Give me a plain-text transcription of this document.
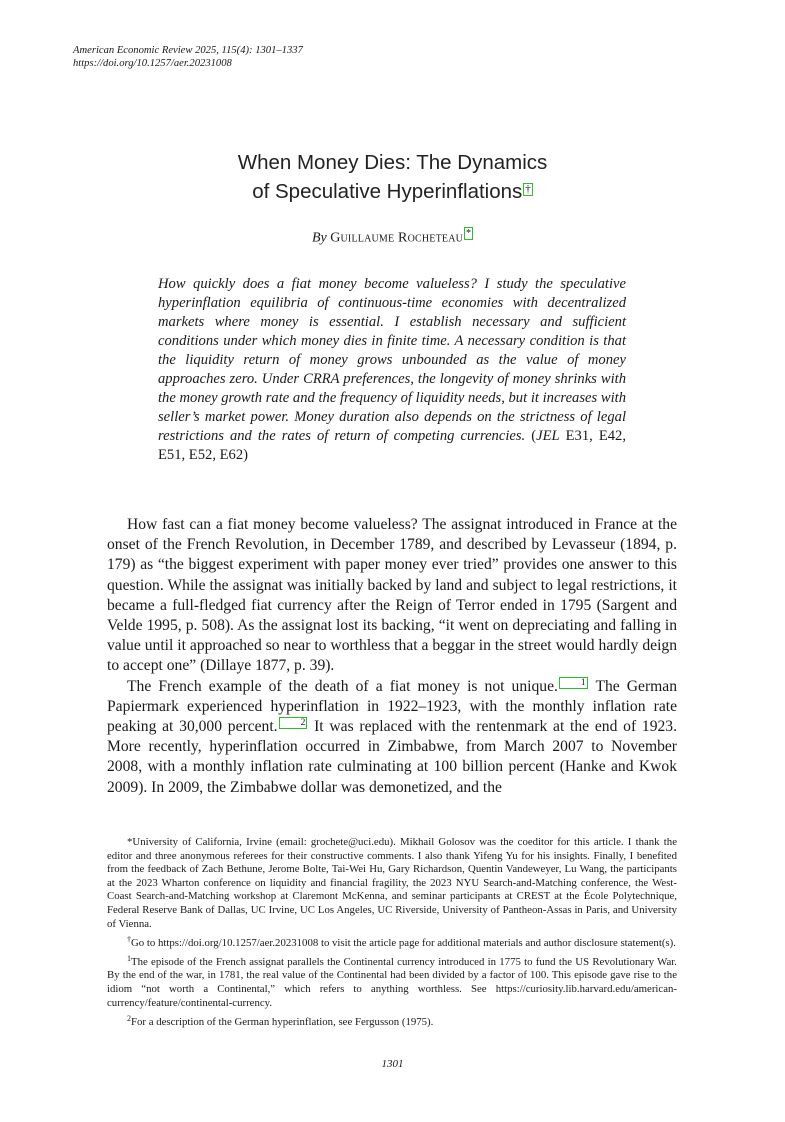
American Economic Review 2025, 115(4): 1301–1337
https://doi.org/10.1257/aer.20231008
When Money Dies: The Dynamics
of Speculative Hyperinflations †
By Guillaume Rocheteau *
How quickly does a fiat money become valueless? I study the speculative hyperinflation equilibria of continuous-time economies with decentralized markets where money is essential. I establish necessary and sufficient conditions under which money dies in finite time. A necessary condition is that the liquidity return of money grows unbounded as the value of money approaches zero. Under CRRA preferences, the longevity of money shrinks with the money growth rate and the frequency of liquidity needs, but it increases with seller’s market power. Money duration also depends on the strictness of legal restrictions and the rates of return of competing currencies. (JEL E31, E42, E51, E52, E62)

How fast can a fiat money become valueless? The assignat introduced in France at the onset of the French Revolution, in December 1789, and described by Levasseur (1894, p. 179) as “the biggest experiment with paper money ever tried” provides one answer to this question. While the assignat was initially backed by land and subject to legal restrictions, it became a full-fledged fiat currency after the Reign of Terror ended in 1795 (Sargent and Velde 1995, p. 508). As the assignat lost its backing, “it went on depreciating and falling in value until it approached so near to worthless that a beggar in the street would hardly deign to accept one” (Dillaye 1877, p. 39).

The French example of the death of a fiat money is not unique. 1 The German Papiermark experienced hyperinflation in 1922–1923, with the monthly inflation rate peaking at 30,000 percent. 2 It was replaced with the rentenmark at the end of 1923. More recently, hyperinflation occurred in Zimbabwe, from March 2007 to November 2008, with a monthly inflation rate culminating at 100 billion percent (Hanke and Kwok 2009). In 2009, the Zimbabwe dollar was demonetized, and the

*University of California, Irvine (email: grochete@uci.edu). Mikhail Golosov was the coeditor for this article. I thank the editor and three anonymous referees for their constructive comments. I also thank Yifeng Yu for his insights. Finally, I benefited from the feedback of Zach Bethune, Jerome Bolte, Tai-Wei Hu, Gary Richardson, Quentin Vandeweyer, Lu Wang, the participants at the 2023 Wharton conference on liquidity and financial fragility, the 2023 NYU Search-and-Matching conference, the West-Coast Search-and-Matching workshop at Claremont McKenna, and seminar participants at CREST at the École Polytechnique, Federal Reserve Bank of Dallas, UC Irvine, UC Los Angeles, UC Riverside, University of Pantheon-Assas in Paris, and University of Vienna.

†Go to https://doi.org/10.1257/aer.20231008 to visit the article page for additional materials and author disclosure statement(s).

$^1$The episode of the French assignat parallels the Continental currency introduced in 1775 to fund the US Revolutionary War. By the end of the war, in 1781, the real value of the Continental had been divided by a factor of 100. This episode gave rise to the idiom “not worth a Continental,” which refers to anything worthless. See https://curiosity.lib.harvard.edu/american-currency/feature/continental-currency.

$^2$For a description of the German hyperinflation, see Fergusson (1975).

1301
